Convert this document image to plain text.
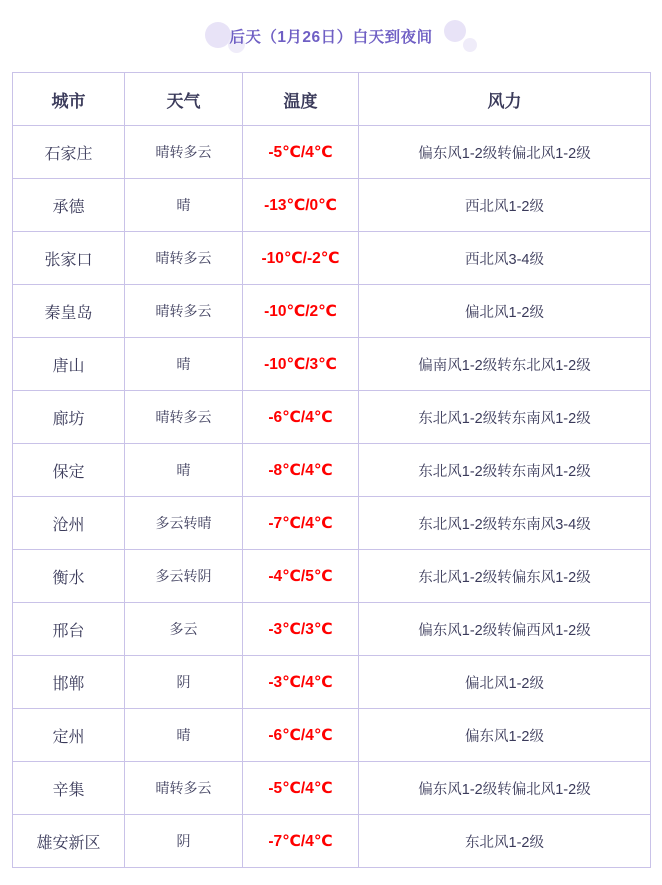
后天（1月26日）白天到夜间
城市	天气	温度	风力
石家庄	晴转多云	-5℃/4℃	偏东风1-2级转偏北风1-2级
承德	晴	-13℃/0℃	西北风1-2级
张家口	晴转多云	-10℃/-2℃	西北风3-4级
秦皇岛	晴转多云	-10℃/2℃	偏北风1-2级
唐山	晴	-10℃/3℃	偏南风1-2级转东北风1-2级
廊坊	晴转多云	-6℃/4℃	东北风1-2级转东南风1-2级
保定	晴	-8℃/4℃	东北风1-2级转东南风1-2级
沧州	多云转晴	-7℃/4℃	东北风1-2级转东南风3-4级
衡水	多云转阴	-4℃/5℃	东北风1-2级转偏东风1-2级
邢台	多云	-3℃/3℃	偏东风1-2级转偏西风1-2级
邯郸	阴	-3℃/4℃	偏北风1-2级
定州	晴	-6℃/4℃	偏东风1-2级
辛集	晴转多云	-5℃/4℃	偏东风1-2级转偏北风1-2级
雄安新区	阴	-7℃/4℃	东北风1-2级
